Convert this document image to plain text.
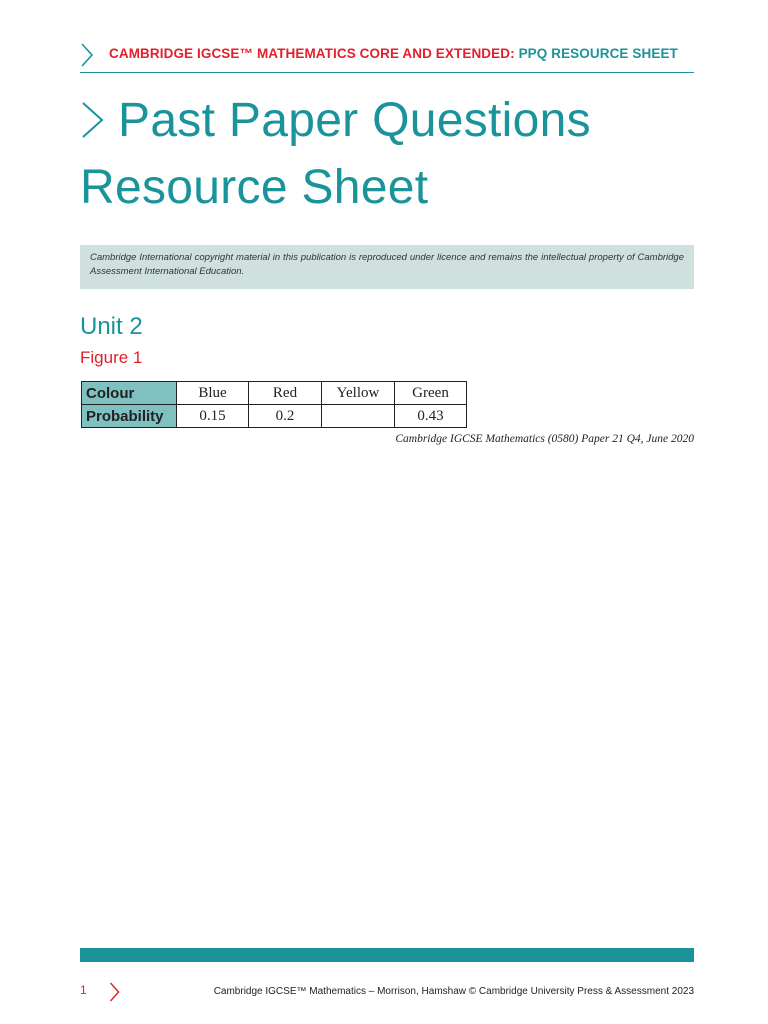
CAMBRIDGE IGCSE™ MATHEMATICS CORE AND EXTENDED: PPQ RESOURCE SHEET
Past Paper Questions
Resource Sheet
Cambridge International copyright material in this publication is reproduced under licence and remains the intellectual property of Cambridge Assessment International Education.
Unit 2
Figure 1
Colour	Blue	Red	Yellow	Green
Probability	0.15	0.2		0.43
Cambridge IGCSE Mathematics (0580) Paper 21 Q4, June 2020
1	Cambridge IGCSE™ Mathematics – Morrison, Hamshaw © Cambridge University Press & Assessment 2023
